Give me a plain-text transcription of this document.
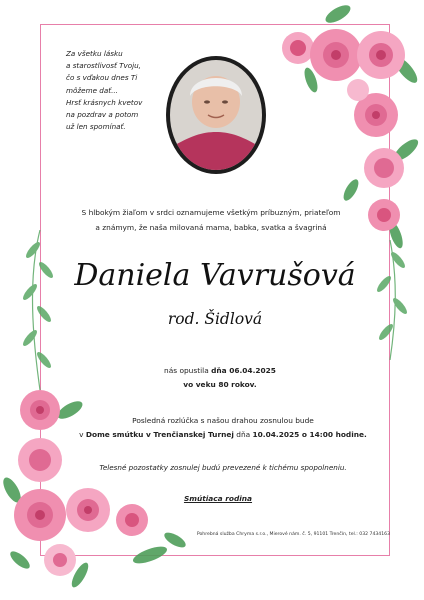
Za všetku lásku
a starostlivosť Tvoju,
čo s vďakou dnes Ti
môžeme dať...
Hrsť krásnych kvetov
na pozdrav a potom
už len spomínať.
S hlbokým žiaľom v srdci oznamujeme všetkým príbuzným, priateľom
a známym, že naša milovaná mama, babka, svatka a švagriná
Daniela Vavrušová
rod. Šidlová
nás opustila dňa 06.04.2025
vo veku 80 rokov.
Posledná rozlúčka s našou drahou zosnulou bude
v Dome smútku v Trenčianskej Turnej dňa 10.04.2025 o 14:00 hodine.
Telesné pozostatky zosnulej budú prevezené k tichému spopolneniu.
Smútiaca rodina
Pohrebná služba Chryma s.r.o., Mierové nám. č. 5, 91101 Trenčín, tel.: 032 7434163
